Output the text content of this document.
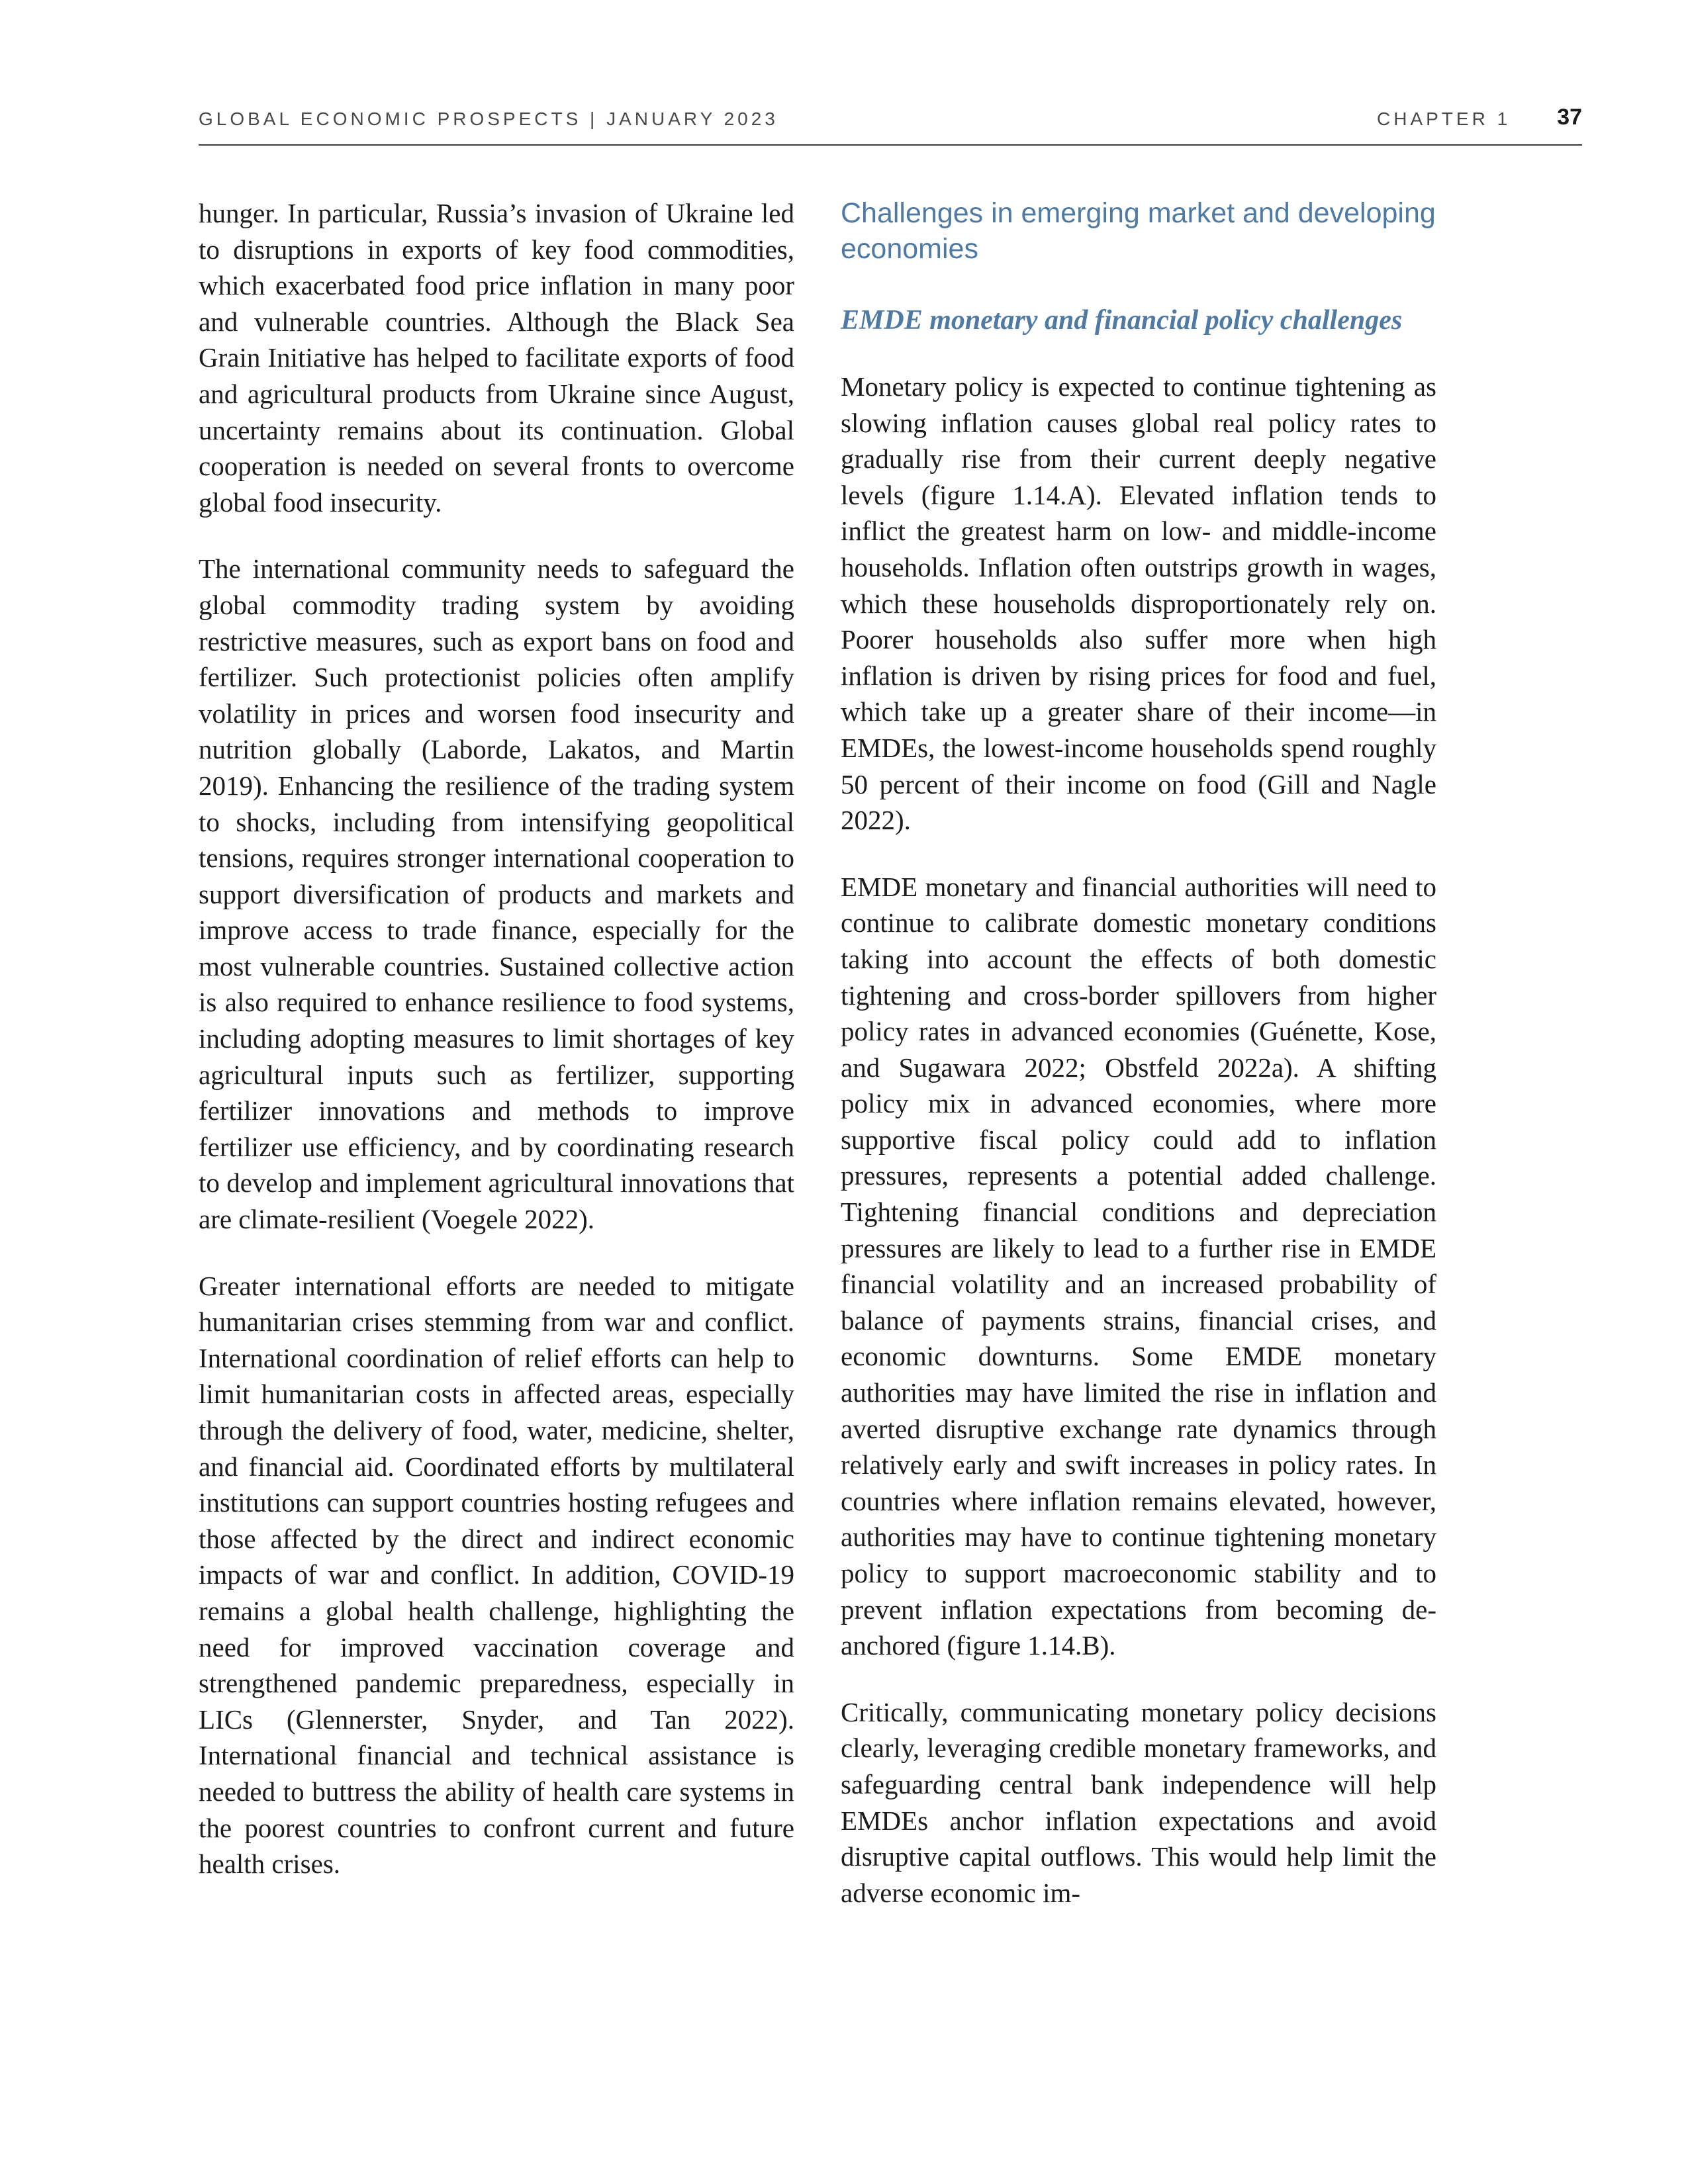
GLOBAL ECONOMIC PROSPECTS | JANUARY 2023	CHAPTER 1 37

hunger. In particular, Russia’s invasion of Ukraine led to disruptions in exports of key food commodities, which exacerbated food price inflation in many poor and vulnerable countries. Although the Black Sea Grain Initiative has helped to facilitate exports of food and agricultural products from Ukraine since August, uncertainty remains about its continuation. Global cooperation is needed on several fronts to overcome global food insecurity.

The international community needs to safeguard the global commodity trading system by avoiding restrictive measures, such as export bans on food and fertilizer. Such protectionist policies often amplify volatility in prices and worsen food insecurity and nutrition globally (Laborde, Lakatos, and Martin 2019). Enhancing the resilience of the trading system to shocks, including from intensifying geopolitical tensions, requires stronger international cooperation to support diversification of products and markets and improve access to trade finance, especially for the most vulnerable countries. Sustained collective action is also required to enhance resilience to food systems, including adopting measures to limit shortages of key agricultural inputs such as fertilizer, supporting fertilizer innovations and methods to improve fertilizer use efficiency, and by coordinating research to develop and implement agricultural innovations that are climate-resilient (Voegele 2022).

Greater international efforts are needed to mitigate humanitarian crises stemming from war and conflict. International coordination of relief efforts can help to limit humanitarian costs in affected areas, especially through the delivery of food, water, medicine, shelter, and financial aid. Coordinated efforts by multilateral institutions can support countries hosting refugees and those affected by the direct and indirect economic impacts of war and conflict. In addition, COVID-19 remains a global health challenge, highlighting the need for improved vaccination coverage and strengthened pandemic preparedness, especially in LICs (Glennerster, Snyder, and Tan 2022). International financial and technical assistance is needed to buttress the ability of health care systems in the poorest countries to confront current and future health crises.

Challenges in emerging market and developing economies
EMDE monetary and financial policy challenges

Monetary policy is expected to continue tightening as slowing inflation causes global real policy rates to gradually rise from their current deeply negative levels (figure 1.14.A). Elevated inflation tends to inflict the greatest harm on low- and middle-income households. Inflation often outstrips growth in wages, which these households disproportionately rely on. Poorer households also suffer more when high inflation is driven by rising prices for food and fuel, which take up a greater share of their income—in EMDEs, the lowest-income households spend roughly 50 percent of their income on food (Gill and Nagle 2022).

EMDE monetary and financial authorities will need to continue to calibrate domestic monetary conditions taking into account the effects of both domestic tightening and cross-border spillovers from higher policy rates in advanced economies (Guénette, Kose, and Sugawara 2022; Obstfeld 2022a). A shifting policy mix in advanced economies, where more supportive fiscal policy could add to inflation pressures, represents a potential added challenge. Tightening financial conditions and depreciation pressures are likely to lead to a further rise in EMDE financial volatility and an increased probability of balance of payments strains, financial crises, and economic downturns. Some EMDE monetary authorities may have limited the rise in inflation and averted disruptive exchange rate dynamics through relatively early and swift increases in policy rates. In countries where inflation remains elevated, however, authorities may have to continue tightening monetary policy to support macroeconomic stability and to prevent inflation expectations from becoming de-anchored (figure 1.14.B).

Critically, communicating monetary policy decisions clearly, leveraging credible monetary frameworks, and safeguarding central bank independence will help EMDEs anchor inflation expectations and avoid disruptive capital outflows. This would help limit the adverse economic im-
